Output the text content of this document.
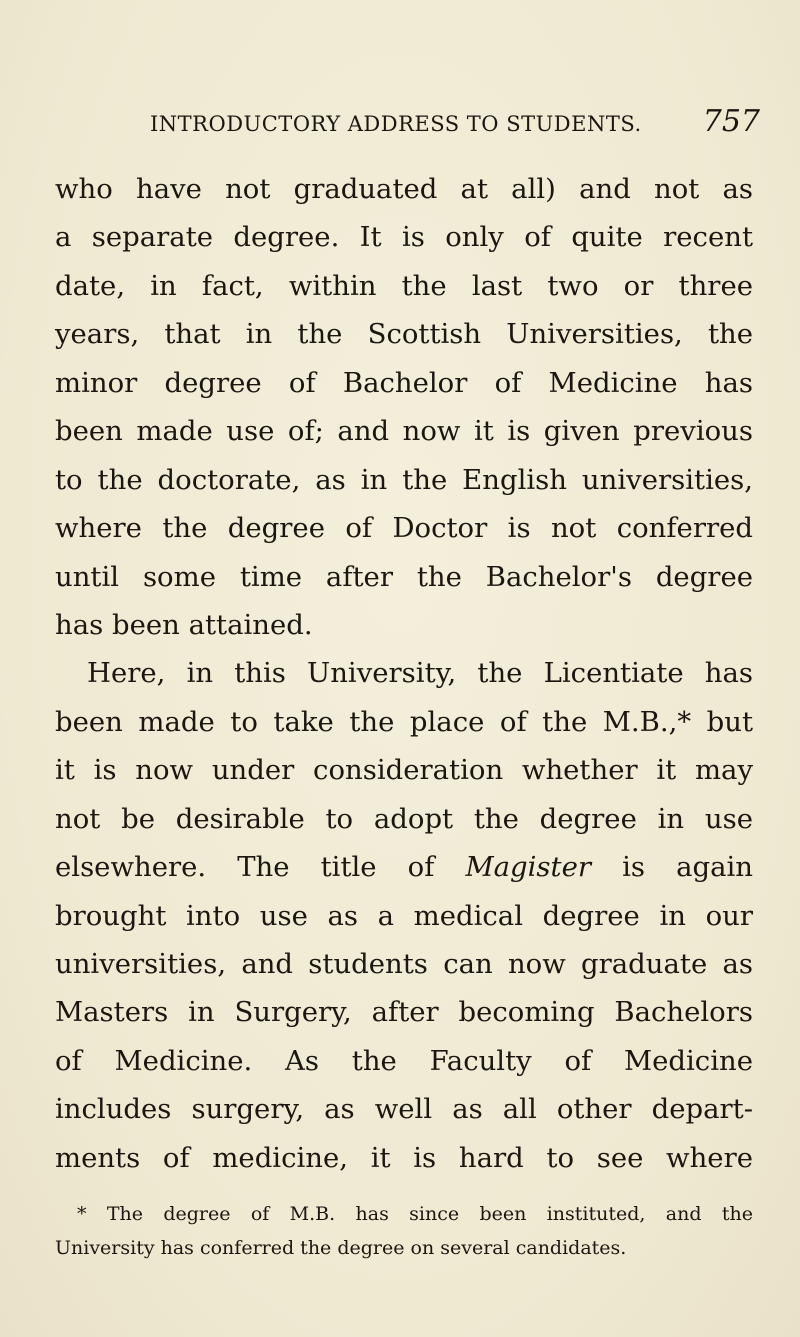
INTRODUCTORY ADDRESS TO STUDENTS. 757
who have not graduated at all) and not as
a separate degree. It is only of quite recent
date, in fact, within the last two or three
years, that in the Scottish Universities, the
minor degree of Bachelor of Medicine has
been made use of; and now it is given previous
to the doctorate, as in the English universities,
where the degree of Doctor is not conferred
until some time after the Bachelor's degree
has been attained.
Here, in this University, the Licentiate has
been made to take the place of the M.B.,* but
it is now under consideration whether it may
not be desirable to adopt the degree in use
elsewhere. The title of Magister is again
brought into use as a medical degree in our
universities, and students can now graduate as
Masters in Surgery, after becoming Bachelors
of Medicine. As the Faculty of Medicine
includes surgery, as well as all other depart-
ments of medicine, it is hard to see where
* The degree of M.B. has since been instituted, and the
University has conferred the degree on several candidates.
